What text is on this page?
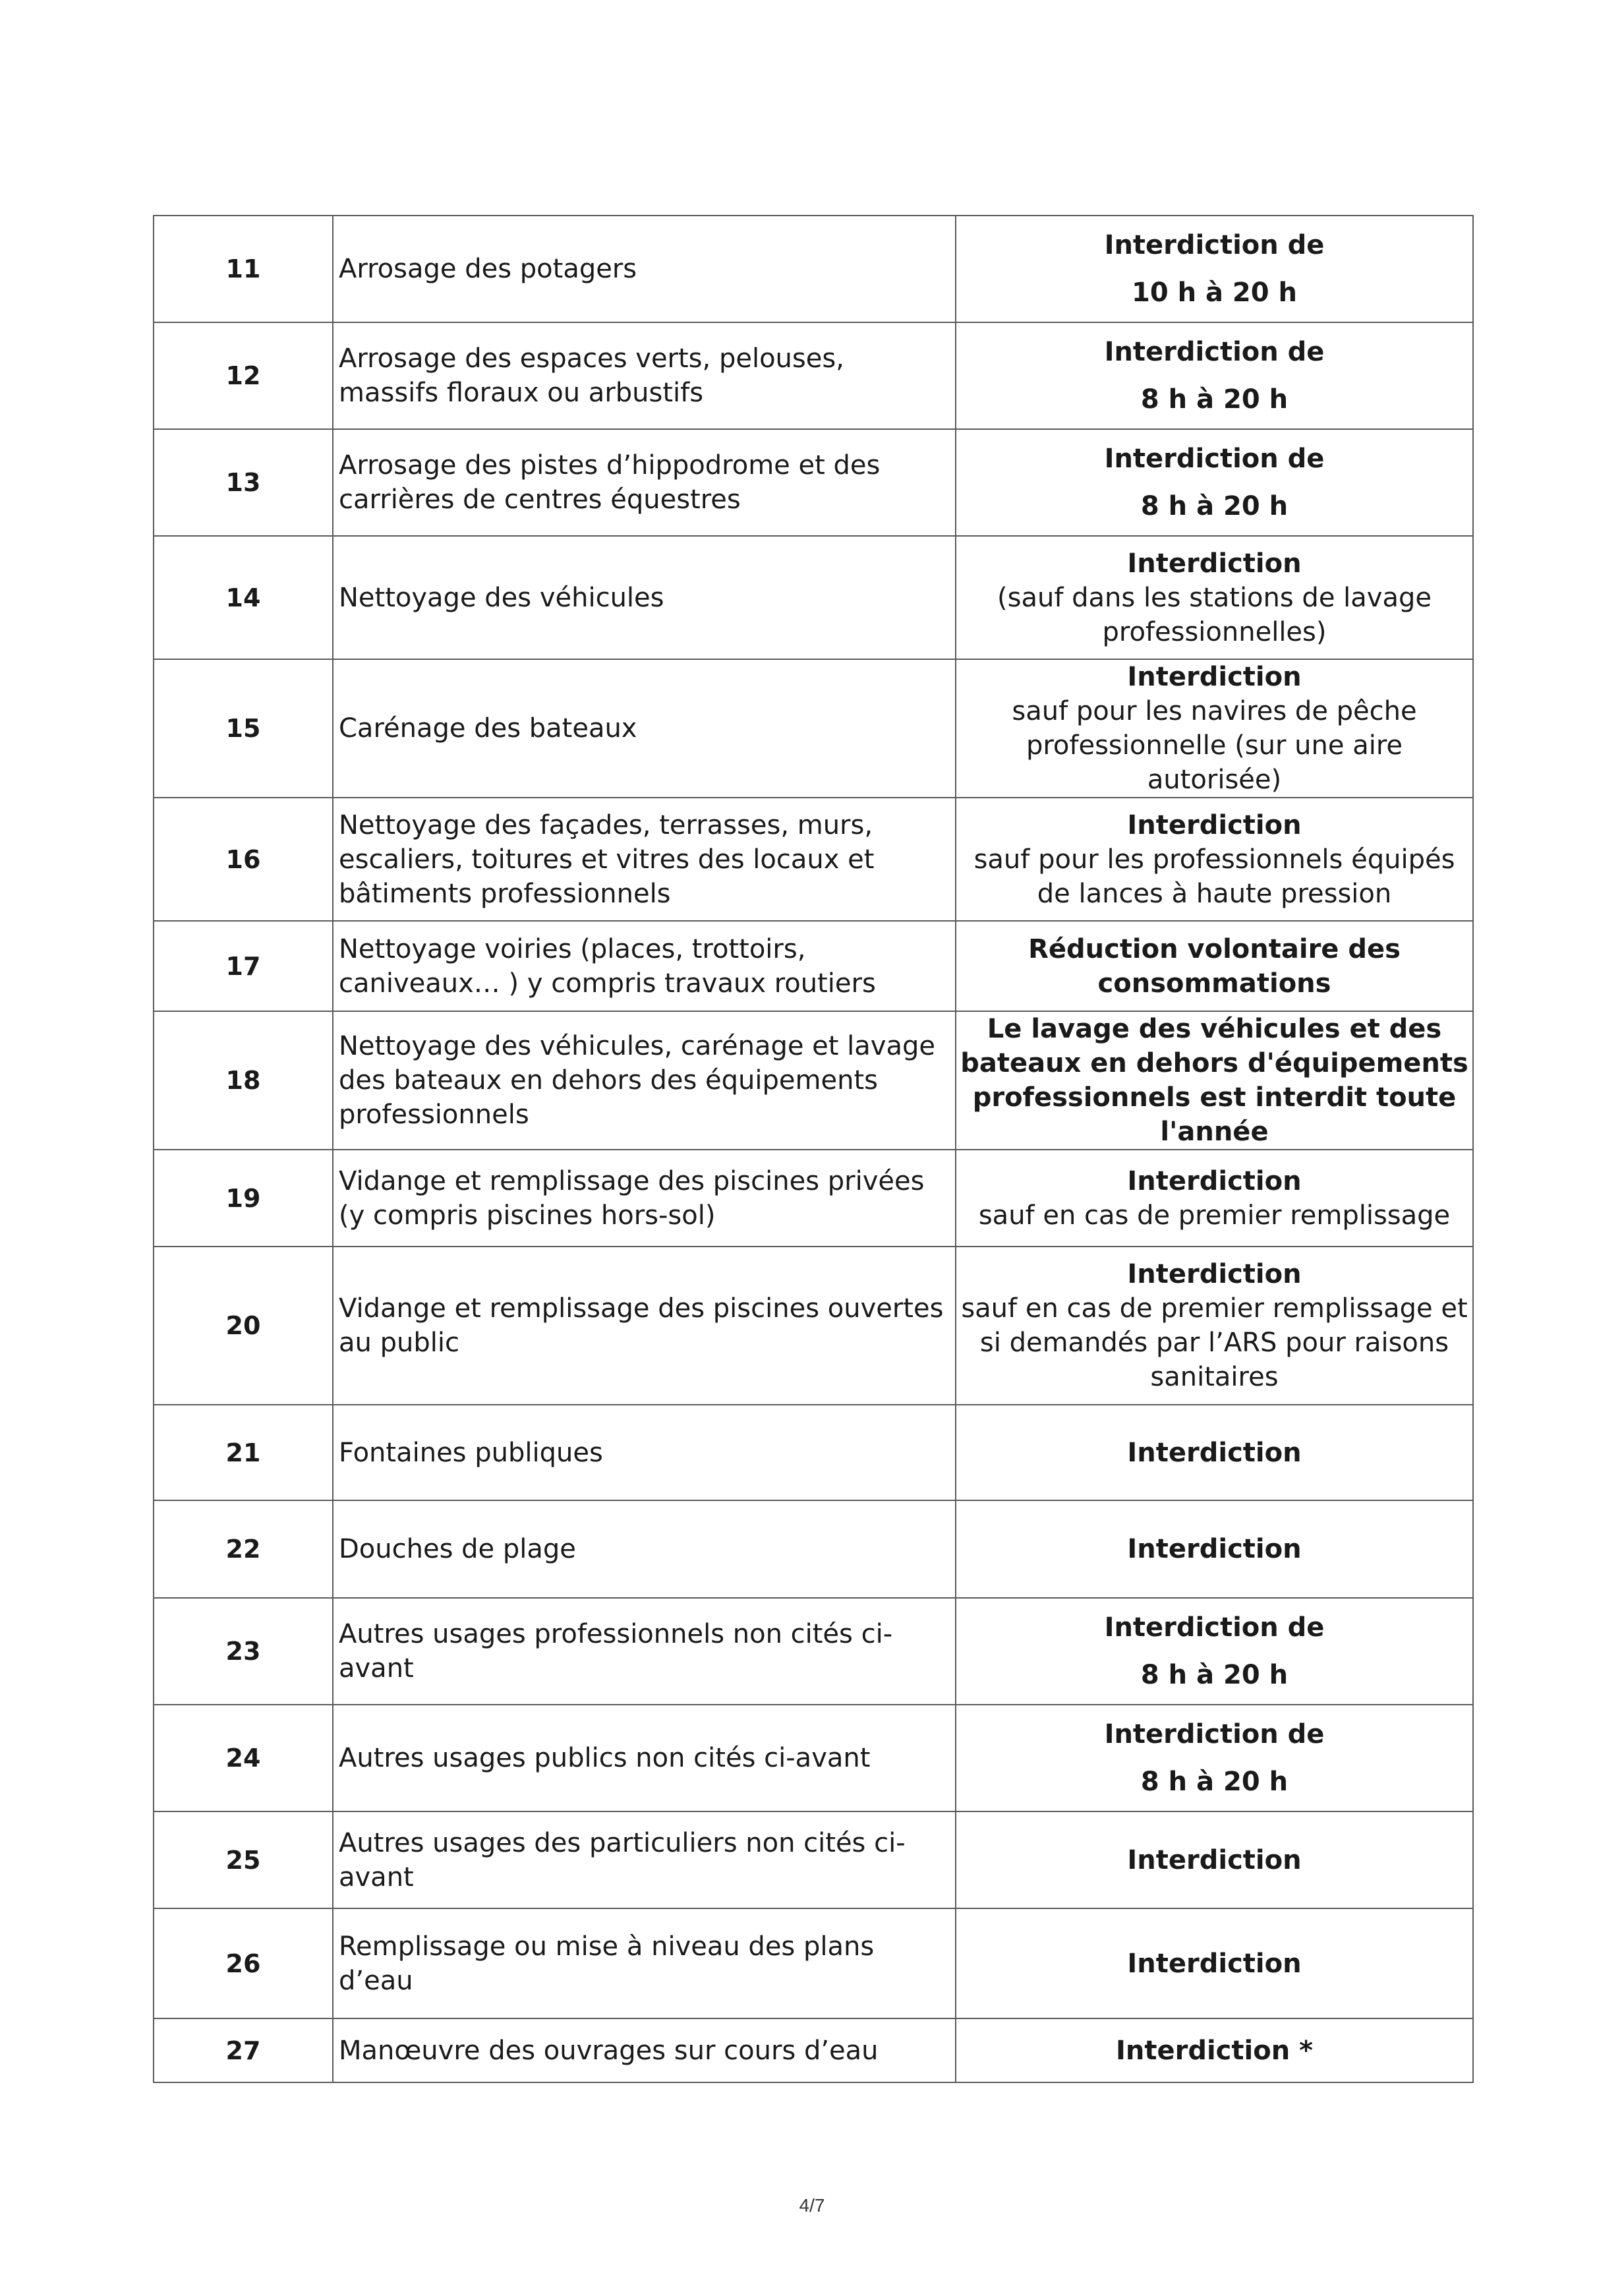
11	Arrosage des potagers	Interdiction de
10 h à 20 h

12	Arrosage des espaces verts, pelouses, massifs floraux ou arbustifs	Interdiction de
8 h à 20 h

13	Arrosage des pistes d’hippodrome et des carrières de centres équestres	Interdiction de
8 h à 20 h

14	Nettoyage des véhicules	Interdiction
(sauf dans les stations de lavage professionnelles)

15	Carénage des bateaux	Interdiction
sauf pour les navires de pêche professionnelle (sur une aire autorisée)

16	Nettoyage des façades, terrasses, murs, escaliers, toitures et vitres des locaux et bâtiments professionnels	Interdiction
sauf pour les professionnels équipés de lances à haute pression

17	Nettoyage voiries (places, trottoirs, caniveaux… ) y compris travaux routiers	Réduction volontaire des consommations

18	Nettoyage des véhicules, carénage et lavage des bateaux en dehors des équipements professionnels	Le lavage des véhicules et des bateaux en dehors d'équipements professionnels est interdit toute l'année

19	Vidange et remplissage des piscines privées (y compris piscines hors-sol)	Interdiction
sauf en cas de premier remplissage

20	Vidange et remplissage des piscines ouvertes au public	Interdiction
sauf en cas de premier remplissage et si demandés par l’ARS pour raisons sanitaires

21	Fontaines publiques	Interdiction

22	Douches de plage	Interdiction

23	Autres usages professionnels non cités ci-avant	Interdiction de
8 h à 20 h

24	Autres usages publics non cités ci-avant	Interdiction de
8 h à 20 h

25	Autres usages des particuliers non cités ci-avant	Interdiction

26	Remplissage ou mise à niveau des plans d’eau	Interdiction

27	Manœuvre des ouvrages sur cours d’eau	Interdiction *
4/7
